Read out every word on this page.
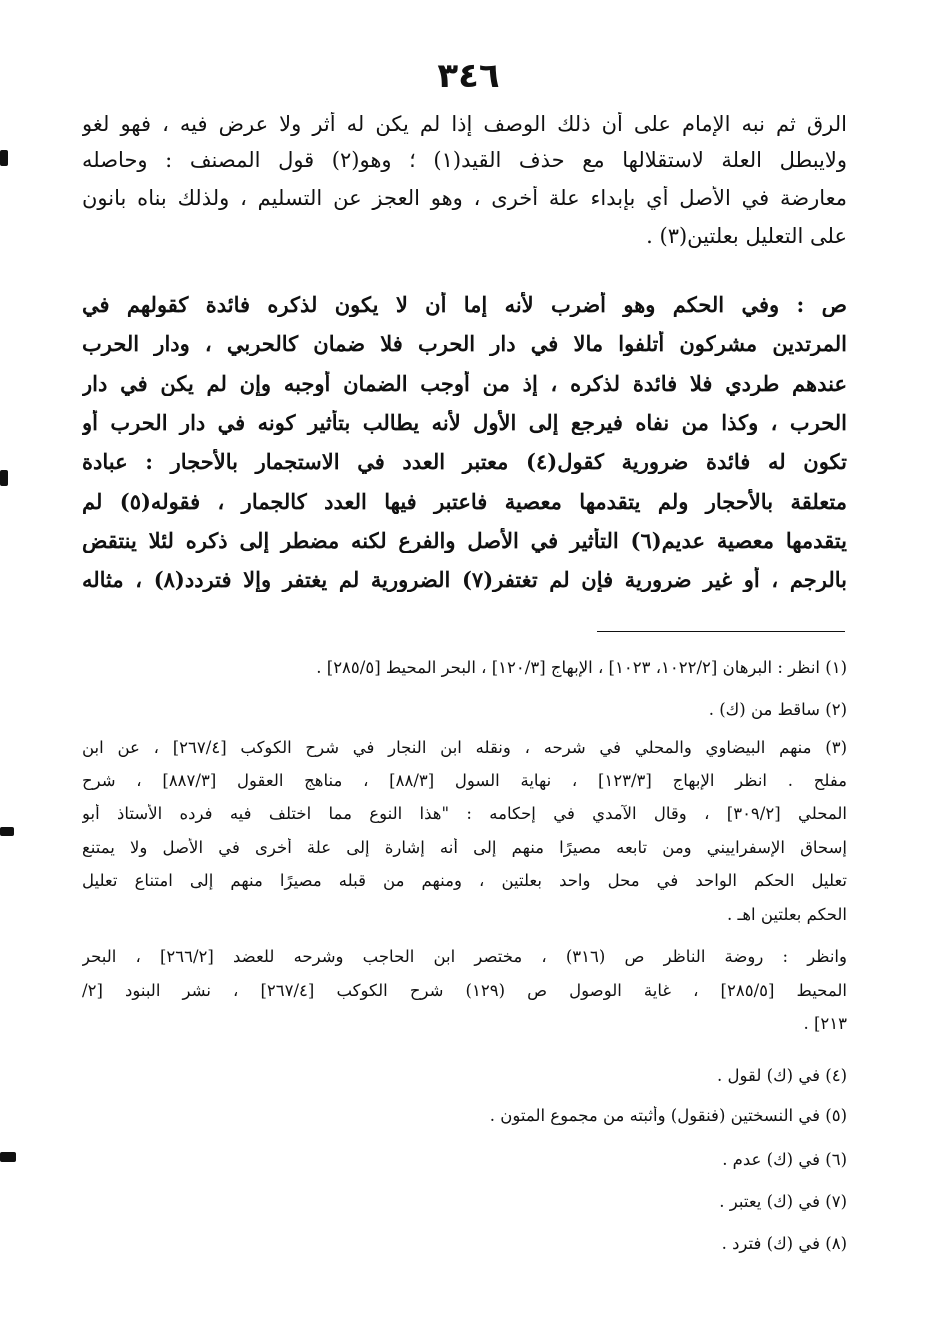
٣٤٦
الرق ثم نبه الإمام على أن ذلك الوصف إذا لم يكن له أثر ولا عرض فيه ، فهو لغو
ولايبطل العلة لاستقلالها مع حذف القيد(١) ؛ وهو(٢) قول المصنف : وحاصله
معارضة في الأصل أي بإبداء علة أخرى ، وهو العجز عن التسليم ، ولذلك بناه بانون
على التعليل بعلتين(٣) .
ص : وفي الحكم وهو أضرب لأنه إما أن لا يكون لذكره فائدة كقولهم في
المرتدين مشركون أتلفوا مالا في دار الحرب فلا ضمان كالحربي ، ودار الحرب
عندهم طردي فلا فائدة لذكره ، إذ من أوجب الضمان أوجبه وإن لم يكن في دار
الحرب ، وكذا من نفاه فيرجع إلى الأول لأنه يطالب بتأثير كونه في دار الحرب أو
تكون له فائدة ضرورية كقول(٤) معتبر العدد في الاستجمار بالأحجار : عبادة
متعلقة بالأحجار ولم يتقدمها معصية فاعتبر فيها العدد كالجمار ، فقوله(٥) لم
يتقدمها معصية عديم(٦) التأثير في الأصل والفرع لكنه مضطر إلى ذكره لئلا ينتقض
بالرجم ، أو غير ضرورية فإن لم تغتفر(٧) الضرورية لم يغتفر وإلا فتردد(٨) ، مثاله
(١) انظر : البرهان [١٠٢٢/٢، ١٠٢٣] ، الإبهاج [١٢٠/٣] ، البحر المحيط [٢٨٥/٥] .
(٢) ساقط من (ك) .
(٣) منهم البيضاوي والمحلي في شرحه ، ونقله ابن النجار في شرح الكوكب [٢٦٧/٤] ، عن ابن
مفلح . انظر الإبهاج [١٢٣/٣] ، نهاية السول [٨٨/٣] ، مناهج العقول [٨٨٧/٣] ، شرح
المحلي [٣٠٩/٢] ، وقال الآمدي في إحكامه : "هذا النوع مما اختلف فيه فرده الأستاذ أبو
إسحاق الإسفراييني ومن تابعه مصيرًا منهم إلى أنه إشارة إلى علة أخرى في الأصل ولا يمتنع
تعليل الحكم الواحد في محل واحد بعلتين ، ومنهم من قبله مصيرًا منهم إلى امتناع تعليل
الحكم بعلتين اهـ .
وانظر : روضة الناظر ص (٣١٦) ، مختصر ابن الحاجب وشرحه للعضد [٢٦٦/٢] ، البحر
المحيط [٢٨٥/٥] ، غاية الوصول ص (١٢٩) شرح الكوكب [٢٦٧/٤] ، نشر البنود [٢/
٢١٣] .
(٤) في (ك) لقول .
(٥) في النسختين (فنقول) وأثبته من مجموع المتون .
(٦) في (ك) عدم .
(٧) في (ك) يعتبر .
(٨) في (ك) فترد .
